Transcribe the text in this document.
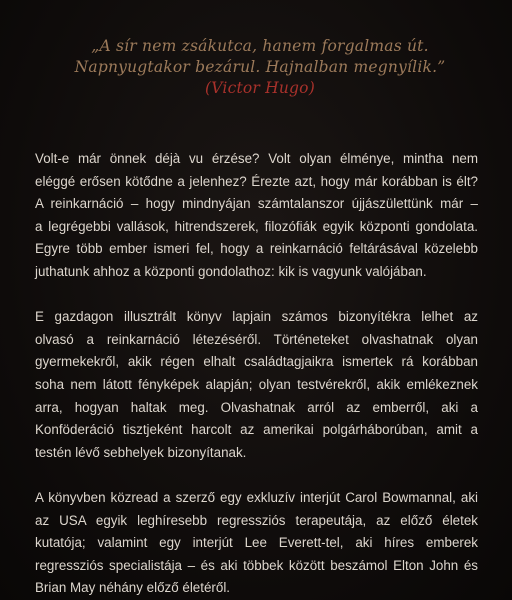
„A sír nem zsákutca, hanem forgalmas út.
Napnyugtakor bezárul. Hajnalban megnyílik.”
(Victor Hugo)
Volt-e már önnek déjà vu érzése? Volt olyan élménye, mintha nem
eléggé erősen kötődne a jelenhez? Érezte azt, hogy már korábban is élt?
A reinkarnáció – hogy mindnyájan számtalanszor újjászülettünk már –
a legrégebbi vallások, hitrendszerek, filozófiák egyik központi gondolata.
Egyre több ember ismeri fel, hogy a reinkarnáció feltárásával közelebb
juthatunk ahhoz a központi gondolathoz: kik is vagyunk valójában.
E gazdagon illusztrált könyv lapjain számos bizonyítékra lelhet az
olvasó a reinkarnáció létezéséről. Történeteket olvashatnak olyan
gyermekekről, akik régen elhalt családtagjaikra ismertek rá korábban
soha nem látott fényképek alapján; olyan testvérekről, akik emlékeznek
arra, hogyan haltak meg. Olvashatnak arról az emberről, aki a
Konföderáció tisztjeként harcolt az amerikai polgárháborúban, amit a
testén lévő sebhelyek bizonyítanak.
A könyvben közread a szerző egy exkluzív interjút Carol Bowmannal, aki
az USA egyik leghíresebb regressziós terapeutája, az előző életek
kutatója; valamint egy interjút Lee Everett-tel, aki híres emberek
regressziós specialistája – és aki többek között beszámol Elton John és
Brian May néhány előző életéről.
